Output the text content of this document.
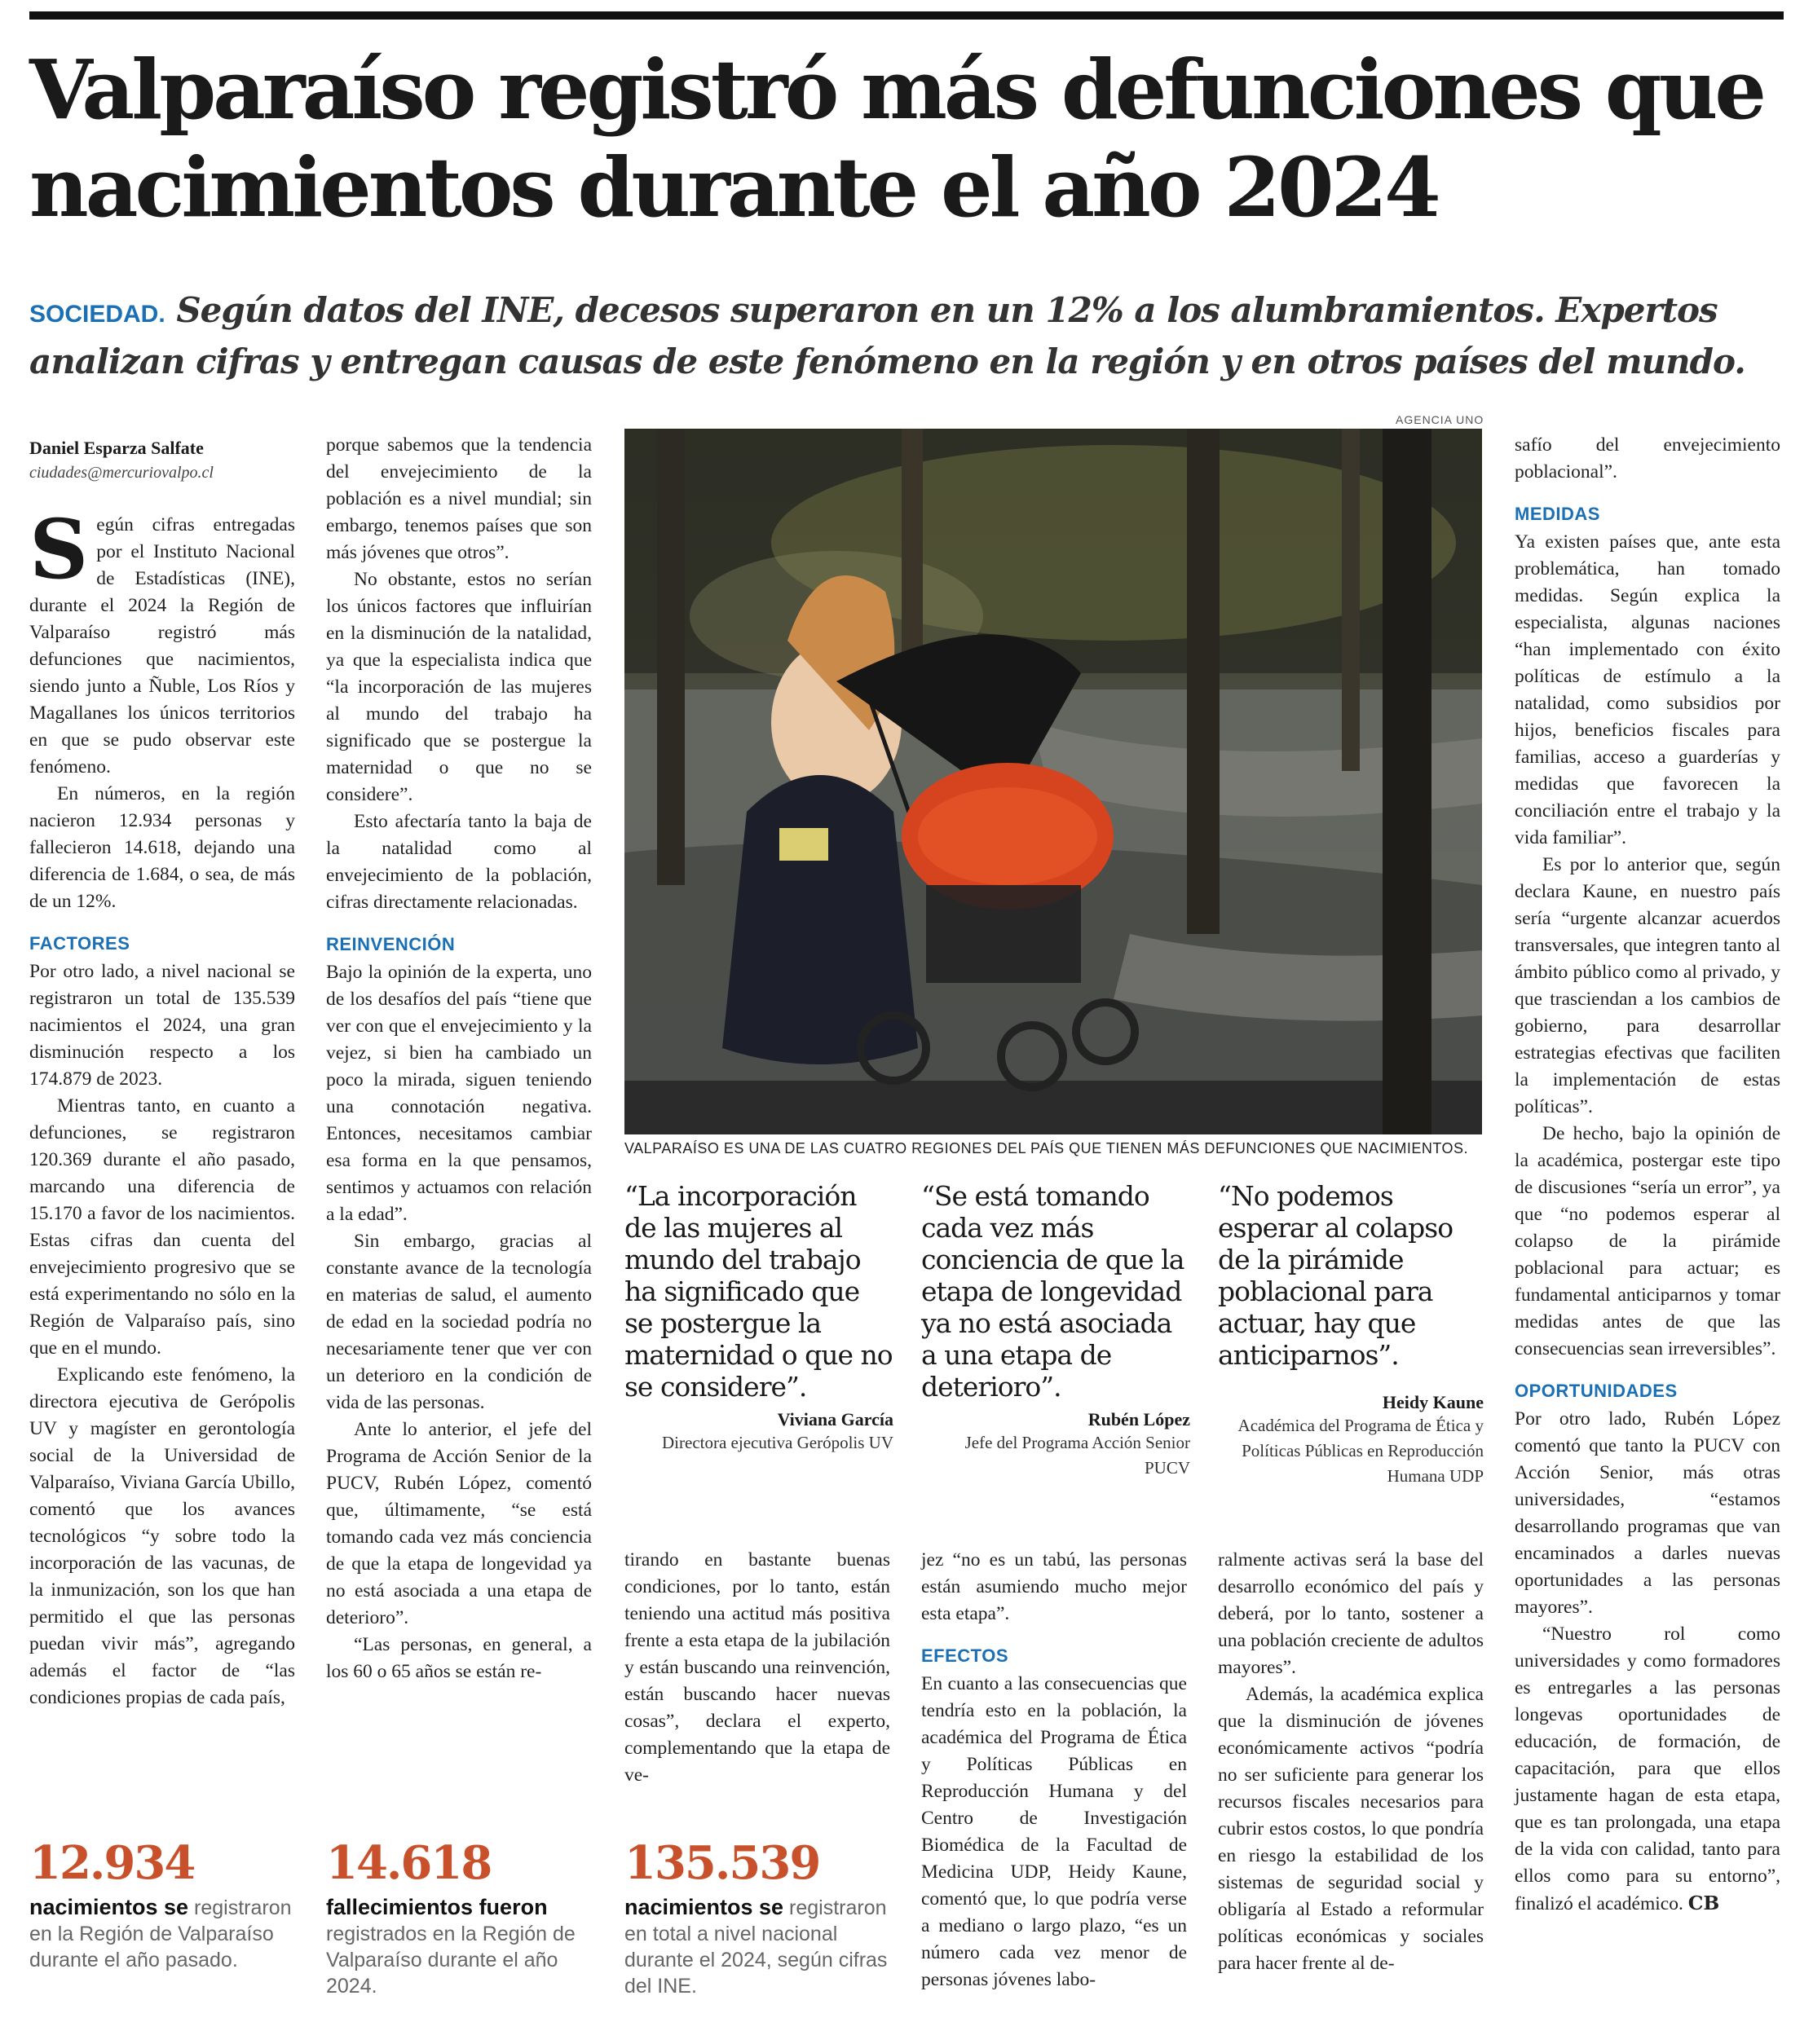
Valparaíso registró más defunciones que nacimientos durante el año 2024

SOCIEDAD. Según datos del INE, decesos superaron en un 12% a los alumbramientos. Expertos analizan cifras y entregan causas de este fenómeno en la región y en otros países del mundo.

Daniel Esparza Salfate
ciudades@mercuriovalpo.cl

Según cifras entregadas por el Instituto Nacional de Estadísticas (INE), durante el 2024 la Región de Valparaíso registró más defunciones que nacimientos, siendo junto a Ñuble, Los Ríos y Magallanes los únicos territorios en que se pudo observar este fenómeno.

En números, en la región nacieron 12.934 personas y fallecieron 14.618, dejando una diferencia de 1.684, o sea, de más de un 12%.

FACTORES

Por otro lado, a nivel nacional se registraron un total de 135.539 nacimientos el 2024, una gran disminución respecto a los 174.879 de 2023.

Mientras tanto, en cuanto a defunciones, se registraron 120.369 durante el año pasado, marcando una diferencia de 15.170 a favor de los nacimientos. Estas cifras dan cuenta del envejecimiento progresivo que se está experimentando no sólo en la Región de Valparaíso país, sino que en el mundo.

Explicando este fenómeno, la directora ejecutiva de Gerópolis UV y magíster en gerontología social de la Universidad de Valparaíso, Viviana García Ubillo, comentó que los avances tecnológicos “y sobre todo la incorporación de las vacunas, de la inmunización, son los que han permitido el que las personas puedan vivir más”, agregando además el factor de “las condiciones propias de cada país,

porque sabemos que la tendencia del envejecimiento de la población es a nivel mundial; sin embargo, tenemos países que son más jóvenes que otros”.

No obstante, estos no serían los únicos factores que influirían en la disminución de la natalidad, ya que la especialista indica que “la incorporación de las mujeres al mundo del trabajo ha significado que se postergue la maternidad o que no se considere”.

Esto afectaría tanto la baja de la natalidad como al envejecimiento de la población, cifras directamente relacionadas.

REINVENCIÓN

Bajo la opinión de la experta, uno de los desafíos del país “tiene que ver con que el envejecimiento y la vejez, si bien ha cambiado un poco la mirada, siguen teniendo una connotación negativa. Entonces, necesitamos cambiar esa forma en la que pensamos, sentimos y actuamos con relación a la edad”.

Sin embargo, gracias al constante avance de la tecnología en materias de salud, el aumento de edad en la sociedad podría no necesariamente tener que ver con un deterioro en la condición de vida de las personas.

Ante lo anterior, el jefe del Programa de Acción Senior de la PUCV, Rubén López, comentó que, últimamente, “se está tomando cada vez más conciencia de que la etapa de longevidad ya no está asociada a una etapa de deterioro”.

“Las personas, en general, a los 60 o 65 años se están re-

AGENCIA UNO
VALPARAÍSO ES UNA DE LAS CUATRO REGIONES DEL PAÍS QUE TIENEN MÁS DEFUNCIONES QUE NACIMIENTOS.
“La incorporación de las mujeres al mundo del trabajo ha significado que se postergue la maternidad o que no se considere”.
Viviana García
Directora ejecutiva Gerópolis UV
“Se está tomando cada vez más conciencia de que la etapa de longevidad ya no está asociada a una etapa de deterioro”.
Rubén López
Jefe del Programa Acción Senior PUCV
“No podemos esperar al colapso de la pirámide poblacional para actuar, hay que anticiparnos”.
Heidy Kaune
Académica del Programa de Ética y Políticas Públicas en Reproducción Humana UDP

tirando en bastante buenas condiciones, por lo tanto, están teniendo una actitud más positiva frente a esta etapa de la jubilación y están buscando una reinvención, están buscando hacer nuevas cosas”, declara el experto, complementando que la etapa de ve-

jez “no es un tabú, las personas están asumiendo mucho mejor esta etapa”.

EFECTOS

En cuanto a las consecuencias que tendría esto en la población, la académica del Programa de Ética y Políticas Públicas en Reproducción Humana y del Centro de Investigación Biomédica de la Facultad de Medicina UDP, Heidy Kaune, comentó que, lo que podría verse a mediano o largo plazo, “es un número cada vez menor de personas jóvenes labo-

ralmente activas será la base del desarrollo económico del país y deberá, por lo tanto, sostener a una población creciente de adultos mayores”.

Además, la académica explica que la disminución de jóvenes económicamente activos “podría no ser suficiente para generar los recursos fiscales necesarios para cubrir estos costos, lo que pondría en riesgo la estabilidad de los sistemas de seguridad social y obligaría al Estado a reformular políticas económicas y sociales para hacer frente al de-

safío del envejecimiento poblacional”.

MEDIDAS

Ya existen países que, ante esta problemática, han tomado medidas. Según explica la especialista, algunas naciones “han implementado con éxito políticas de estímulo a la natalidad, como subsidios por hijos, beneficios fiscales para familias, acceso a guarderías y medidas que favorecen la conciliación entre el trabajo y la vida familiar”.

Es por lo anterior que, según declara Kaune, en nuestro país sería “urgente alcanzar acuerdos transversales, que integren tanto al ámbito público como al privado, y que trasciendan a los cambios de gobierno, para desarrollar estrategias efectivas que faciliten la implementación de estas políticas”.

De hecho, bajo la opinión de la académica, postergar este tipo de discusiones “sería un error”, ya que “no podemos esperar al colapso de la pirámide poblacional para actuar; es fundamental anticiparnos y tomar medidas antes de que las consecuencias sean irreversibles”.

OPORTUNIDADES

Por otro lado, Rubén López comentó que tanto la PUCV con Acción Senior, más otras universidades, “estamos desarrollando programas que van encaminados a darles nuevas oportunidades a las personas mayores”.

“Nuestro rol como universidades y como formadores es entregarles a las personas longevas oportunidades de educación, de formación, de capacitación, para que ellos justamente hagan de esta etapa, que es tan prolongada, una etapa de la vida con calidad, tanto para ellos como para su entorno”, finalizó el académico. CB

12.934
nacimientos se registraron en la Región de Valparaíso durante el año pasado.
14.618
fallecimientos fueron registrados en la Región de Valparaíso durante el año 2024.
135.539
nacimientos se registraron en total a nivel nacional durante el 2024, según cifras del INE.
